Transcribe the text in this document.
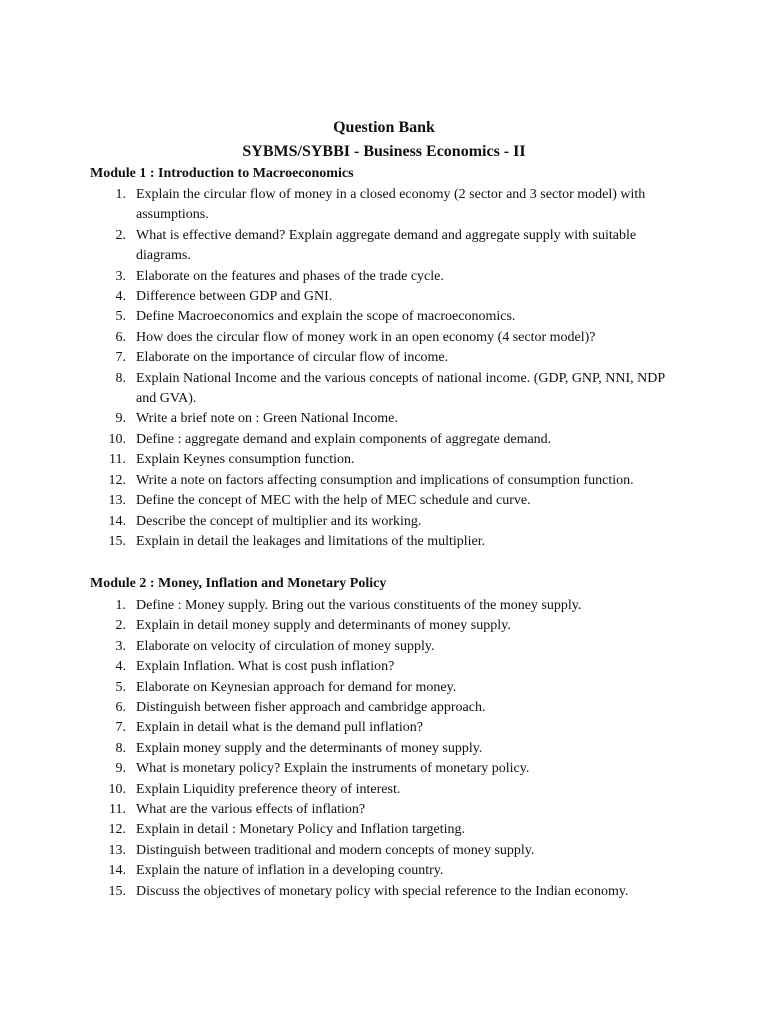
Question Bank
SYBMS/SYBBI - Business Economics - II
Module 1 : Introduction to Macroeconomics
1. Explain the circular flow of money in a closed economy (2 sector and 3 sector model) with assumptions.
2. What is effective demand? Explain aggregate demand and aggregate supply with suitable diagrams.
3. Elaborate on the features and phases of the trade cycle.
4. Difference between GDP and GNI.
5. Define Macroeconomics and explain the scope of macroeconomics.
6. How does the circular flow of money work in an open economy (4 sector model)?
7. Elaborate on the importance of circular flow of income.
8. Explain National Income and the various concepts of national income. (GDP, GNP, NNI, NDP and GVA).
9. Write a brief note on : Green National Income.
10. Define : aggregate demand and explain components of aggregate demand.
11. Explain Keynes consumption function.
12. Write a note on factors affecting consumption and implications of consumption function.
13. Define the concept of MEC with the help of MEC schedule and curve.
14. Describe the concept of multiplier and its working.
15. Explain in detail the leakages and limitations of the multiplier.
Module 2 : Money, Inflation and Monetary Policy
1. Define : Money supply. Bring out the various constituents of the money supply.
2. Explain in detail money supply and determinants of money supply.
3. Elaborate on velocity of circulation of money supply.
4. Explain Inflation. What is cost push inflation?
5. Elaborate on Keynesian approach for demand for money.
6. Distinguish between fisher approach and cambridge approach.
7. Explain in detail what is the demand pull inflation?
8. Explain money supply and the determinants of money supply.
9. What is monetary policy? Explain the instruments of monetary policy.
10. Explain Liquidity preference theory of interest.
11. What are the various effects of inflation?
12. Explain in detail : Monetary Policy and Inflation targeting.
13. Distinguish between traditional and modern concepts of money supply.
14. Explain the nature of inflation in a developing country.
15. Discuss the objectives of monetary policy with special reference to the Indian economy.
